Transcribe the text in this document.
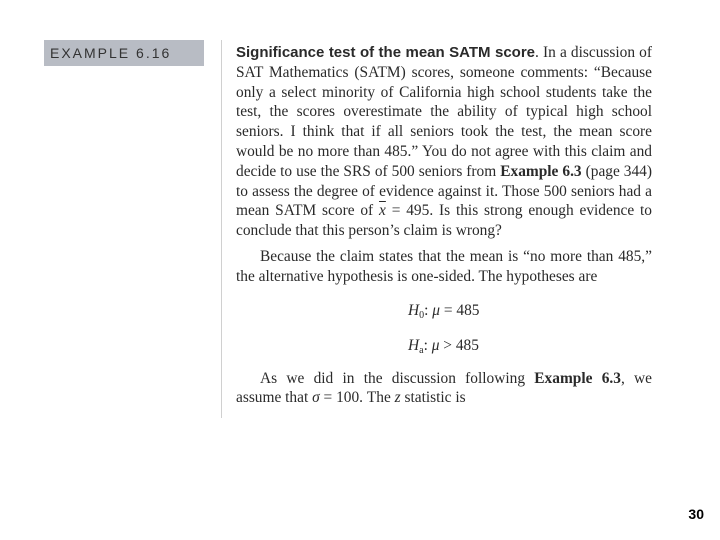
EXAMPLE 6.16	Significance test of the mean SATM score. In a discussion of SAT Mathematics (SATM) scores, someone comments: “Because only a select minority of California high school students take the test, the scores overestimate the ability of typical high school seniors. I think that if all seniors took the test, the mean score would be no more than 485.” You do not agree with this claim and decide to use the SRS of 500 seniors from Example 6.3 (page 344) to assess the degree of evidence against it. Those 500 seniors had a mean SATM score of $\overline{x} = 495$. Is this strong enough evidence to conclude that this person’s claim is wrong?

Because the claim states that the mean is “no more than 485,” the alternative hypothesis is one-sided. The hypotheses are

$H_0$: μ = 485
$H_a$: μ > 485

As we did in the discussion following Example 6.3, we assume that σ = 100. The z statistic is

30
